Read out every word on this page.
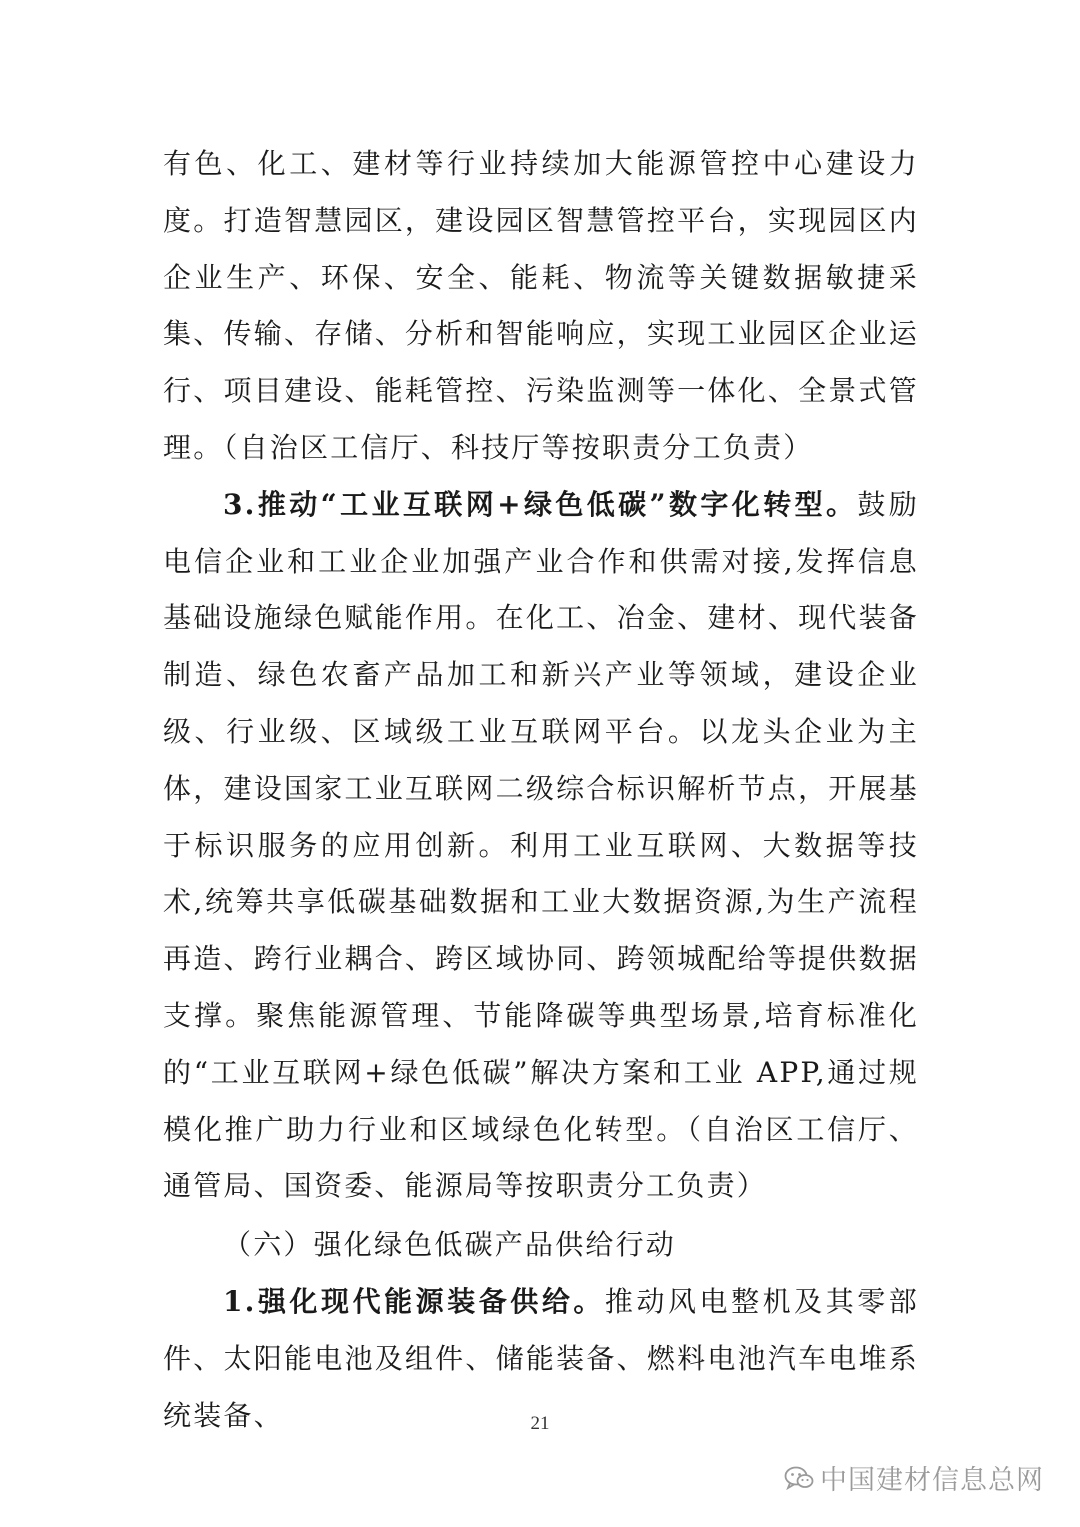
有色、化工、建材等行业持续加大能源管控中心建设力度。打造智慧园区，建设园区智慧管控平台，实现园区内企业生产、环保、安全、能耗、物流等关键数据敏捷采集、传输、存储、分析和智能响应，实现工业园区企业运行、项目建设、能耗管控、污染监测等一体化、全景式管理。（自治区工信厅、科技厅等按职责分工负责）

3.推动“工业互联网+绿色低碳”数字化转型。鼓励电信企业和工业企业加强产业合作和供需对接,发挥信息基础设施绿色赋能作用。在化工、冶金、建材、现代装备制造、绿色农畜产品加工和新兴产业等领域，建设企业级、行业级、区域级工业互联网平台。以龙头企业为主体，建设国家工业互联网二级综合标识解析节点，开展基于标识服务的应用创新。利用工业互联网、大数据等技术,统筹共享低碳基础数据和工业大数据资源,为生产流程再造、跨行业耦合、跨区域协同、跨领城配给等提供数据支撑。聚焦能源管理、节能降碳等典型场景,培育标准化的“工业互联网+绿色低碳”解决方案和工业 APP,通过规模化推广助力行业和区域绿色化转型。（自治区工信厅、通管局、国资委、能源局等按职责分工负责）

（六）强化绿色低碳产品供给行动

1.强化现代能源装备供给。推动风电整机及其零部件、太阳能电池及组件、储能装备、燃料电池汽车电堆系统装备、	21
中国建材信息总网
